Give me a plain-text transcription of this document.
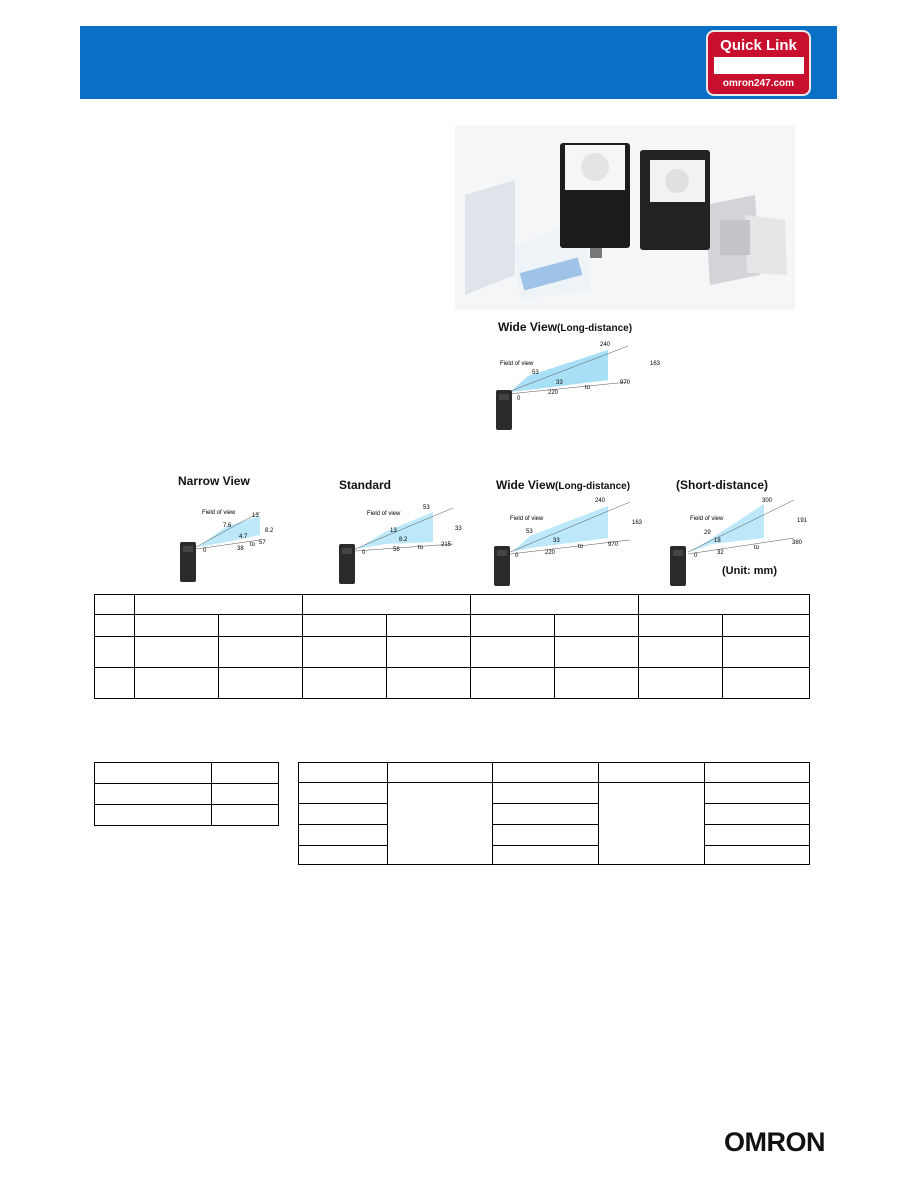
Quick Link
omron247.com
Wide View(Long-distance)
Field of view
240
163
53
33
0
220
to
970
Narrow View
Field of view	13
8.2
7.6
4.7
0	38
to 57
Standard
Field of view
53
33
13
8.2
0	56	to	215
Wide View(Long-distance)
Field of view
240
163
53
33
0	220
to	970
(Short-distance)
Field of view
300
191
29
18
0	32
to
380
(Unit: mm)

OMRON
